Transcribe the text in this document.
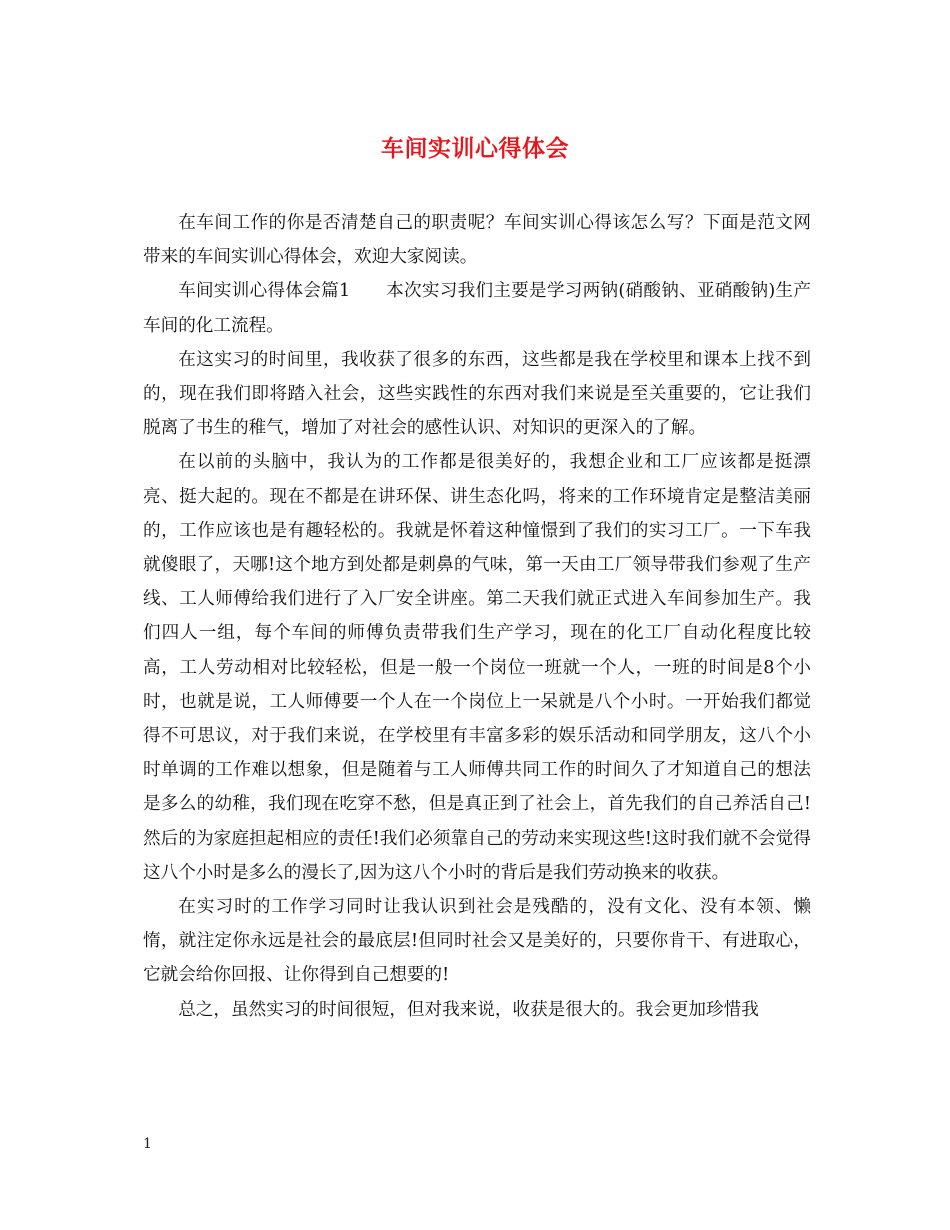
车间实训心得体会

在车间工作的你是否清楚自己的职责呢？车间实训心得该怎么写？下面是范文网带来的车间实训心得体会，欢迎大家阅读。

车间实训心得体会篇1　　本次实习我们主要是学习两钠(硝酸钠、亚硝酸钠)生产车间的化工流程。

在这实习的时间里，我收获了很多的东西，这些都是我在学校里和课本上找不到的，现在我们即将踏入社会，这些实践性的东西对我们来说是至关重要的，它让我们脱离了书生的稚气，增加了对社会的感性认识、对知识的更深入的了解。

在以前的头脑中，我认为的工作都是很美好的，我想企业和工厂应该都是挺漂亮、挺大起的。现在不都是在讲环保、讲生态化吗，将来的工作环境肯定是整洁美丽的，工作应该也是有趣轻松的。我就是怀着这种憧憬到了我们的实习工厂。一下车我就傻眼了，天哪!这个地方到处都是刺鼻的气味，第一天由工厂领导带我们参观了生产线、工人师傅给我们进行了入厂安全讲座。第二天我们就正式进入车间参加生产。我们四人一组，每个车间的师傅负责带我们生产学习，现在的化工厂自动化程度比较高，工人劳动相对比较轻松，但是一般一个岗位一班就一个人，一班的时间是8个小时，也就是说，工人师傅要一个人在一个岗位上一呆就是八个小时。一开始我们都觉得不可思议，对于我们来说，在学校里有丰富多彩的娱乐活动和同学朋友，这八个小时单调的工作难以想象，但是随着与工人师傅共同工作的时间久了才知道自己的想法是多么的幼稚，我们现在吃穿不愁，但是真正到了社会上，首先我们的自己养活自己!然后的为家庭担起相应的责任!我们必须靠自己的劳动来实现这些!这时我们就不会觉得这八个小时是多么的漫长了,因为这八个小时的背后是我们劳动换来的收获。

在实习时的工作学习同时让我认识到社会是残酷的，没有文化、没有本领、懒惰，就注定你永远是社会的最底层!但同时社会又是美好的，只要你肯干、有进取心，它就会给你回报、让你得到自己想要的!

总之，虽然实习的时间很短，但对我来说，收获是很大的。我会更加珍惜我

1
